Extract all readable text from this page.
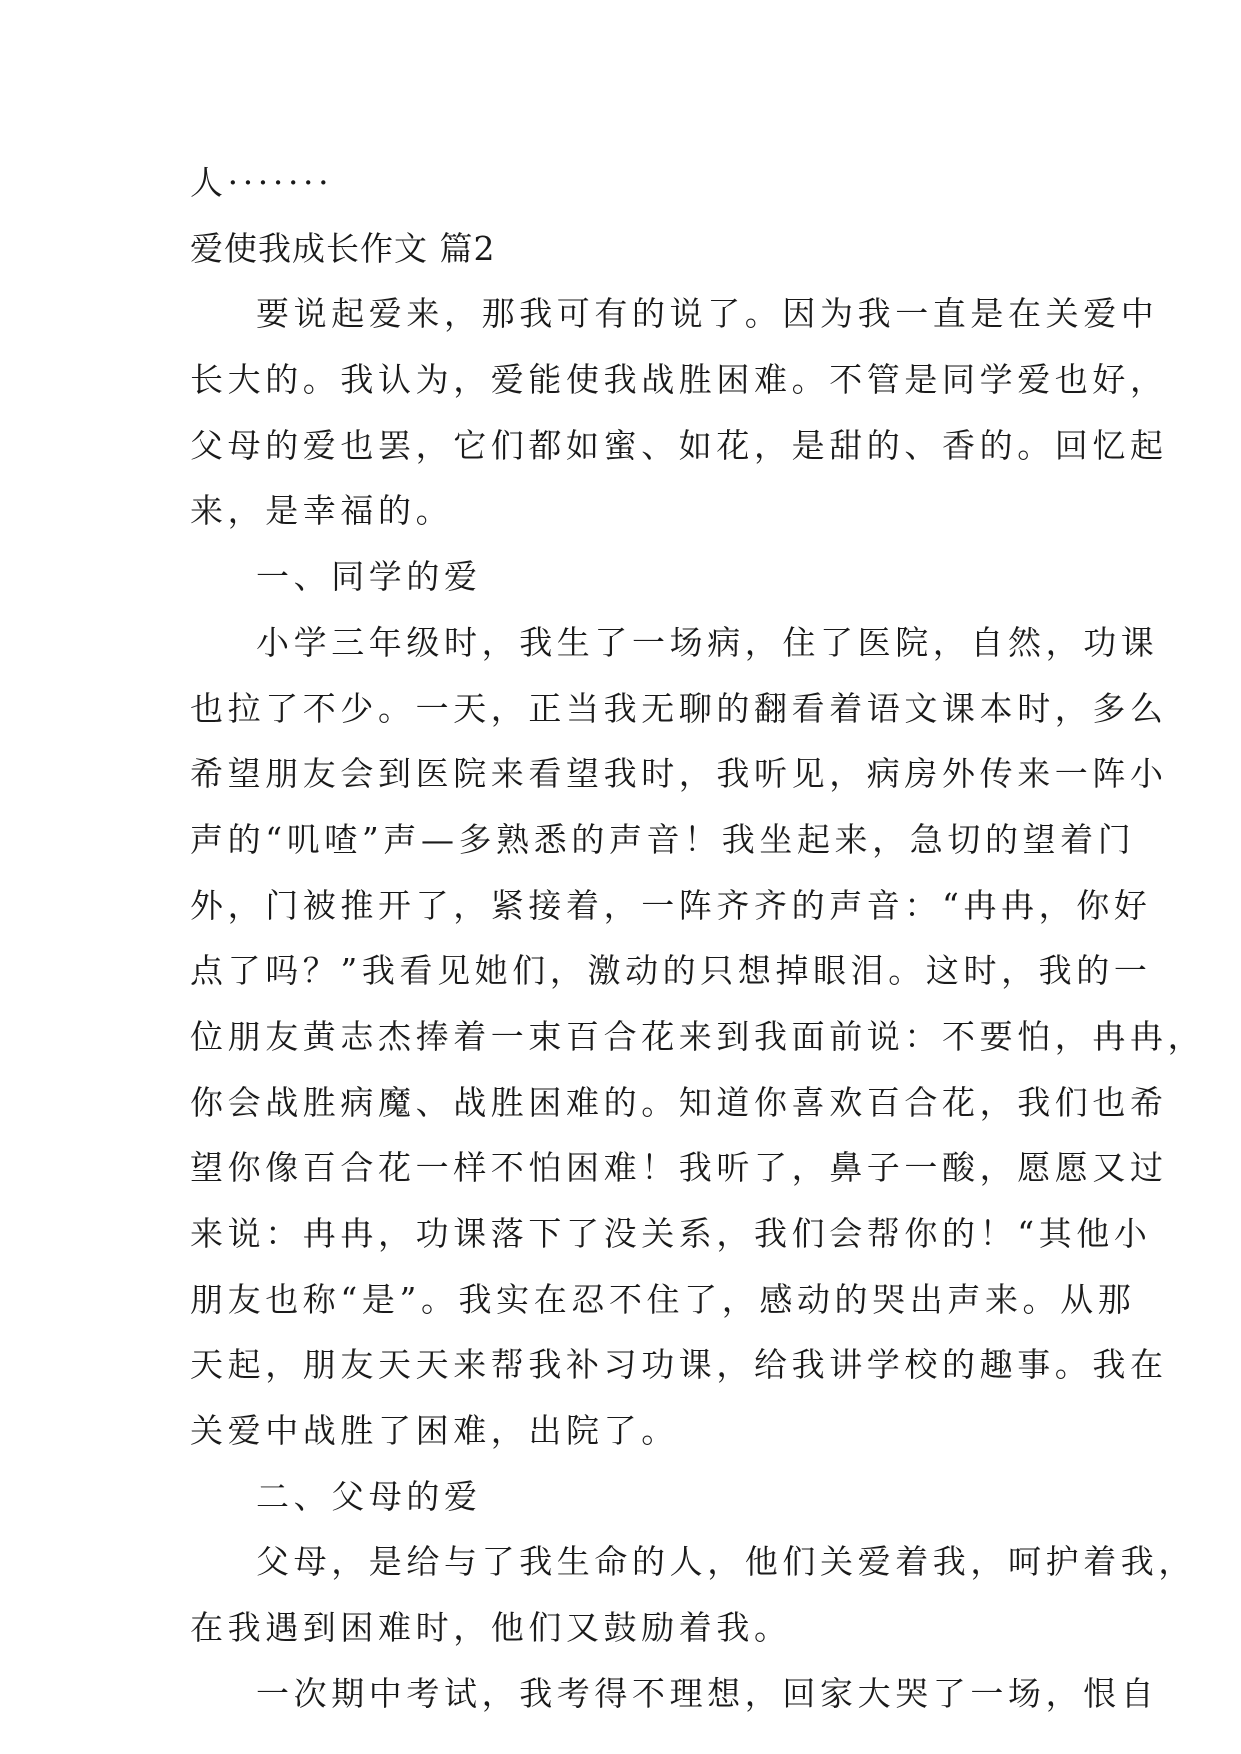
人·······
爱使我成长作文 篇2
要说起爱来，那我可有的说了。因为我一直是在关爱中
长大的。我认为，爱能使我战胜困难。不管是同学爱也好，
父母的爱也罢，它们都如蜜、如花，是甜的、香的。回忆起
来，是幸福的。
一、同学的爱
小学三年级时，我生了一场病，住了医院，自然，功课
也拉了不少。一天，正当我无聊的翻看着语文课本时，多么
希望朋友会到医院来看望我时，我听见，病房外传来一阵小
声的“叽喳”声—多熟悉的声音！我坐起来，急切的望着门
外，门被推开了，紧接着，一阵齐齐的声音：“冉冉，你好
点了吗？”我看见她们，激动的只想掉眼泪。这时，我的一
位朋友黄志杰捧着一束百合花来到我面前说：不要怕，冉冉，
你会战胜病魔、战胜困难的。知道你喜欢百合花，我们也希
望你像百合花一样不怕困难！我听了，鼻子一酸，愿愿又过
来说：冉冉，功课落下了没关系，我们会帮你的！“其他小
朋友也称“是”。我实在忍不住了，感动的哭出声来。从那
天起，朋友天天来帮我补习功课，给我讲学校的趣事。我在
关爱中战胜了困难，出院了。
二、父母的爱
父母，是给与了我生命的人，他们关爱着我，呵护着我，
在我遇到困难时，他们又鼓励着我。
一次期中考试，我考得不理想，回家大哭了一场，恨自
